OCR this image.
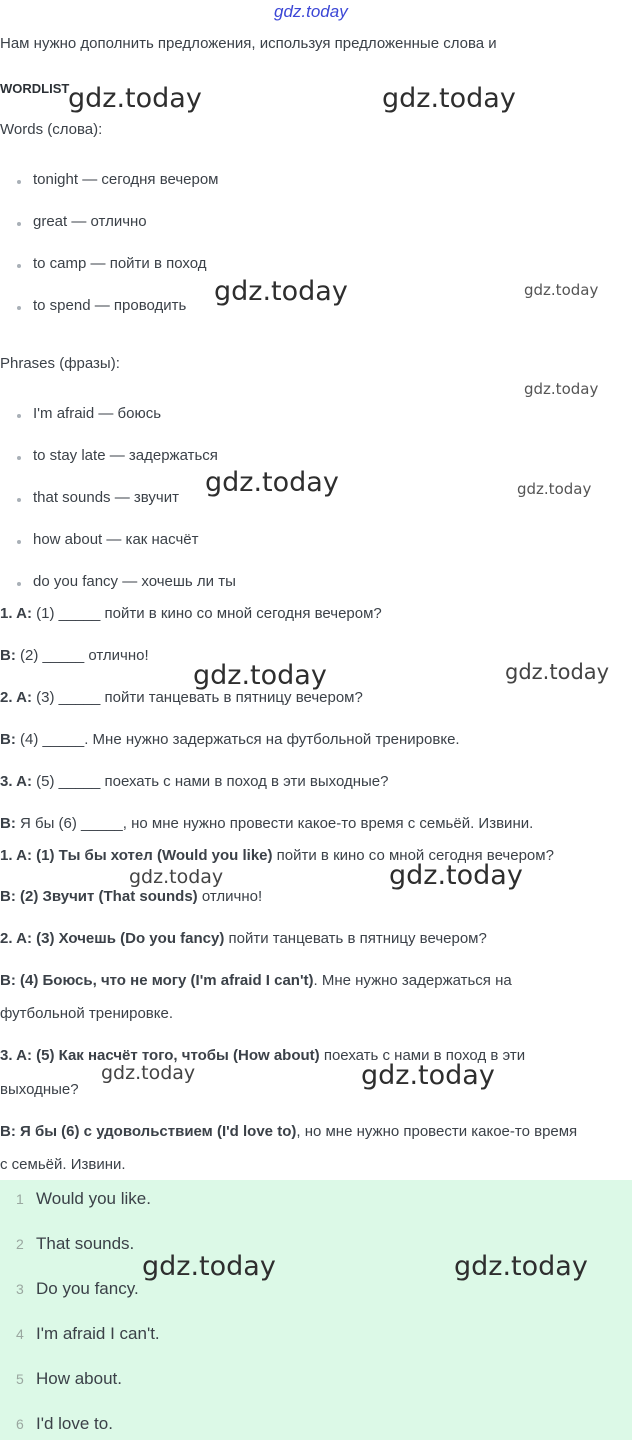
gdz.today
Нам нужно дополнить предложения, используя предложенные слова и
WORDLIST
Words (слова):
tonight — сегодня вечером
great — отлично
to camp — пойти в поход
to spend — проводить
Phrases (фразы):
I'm afraid — боюсь
to stay late — задержаться
that sounds — звучит
how about — как насчёт
do you fancy — хочешь ли ты
1. A: (1) _____ пойти в кино со мной сегодня вечером?
B: (2) _____ отлично!
2. A: (3) _____ пойти танцевать в пятницу вечером?
B: (4) _____. Мне нужно задержаться на футбольной тренировке.
3. A: (5) _____ поехать с нами в поход в эти выходные?
B: Я бы (6) _____, но мне нужно провести какое-то время с семьёй. Извини.
1. A: (1) Ты бы хотел (Would you like) пойти в кино со мной сегодня вечером?
B: (2) Звучит (That sounds) отлично!
2. A: (3) Хочешь (Do you fancy) пойти танцевать в пятницу вечером?
B: (4) Боюсь, что не могу (I'm afraid I can't). Мне нужно задержаться на
футбольной тренировке.
3. A: (5) Как насчёт того, чтобы (How about) поехать с нами в поход в эти
выходные?
B: Я бы (6) с удовольствием (I'd love to), но мне нужно провести какое-то время
с семьёй. Извини.
1 Would you like.
2 That sounds.
3 Do you fancy.
4 I'm afraid I can't.
5 How about.
6 I'd love to.
gdz.today	gdz.today
gdz.today	gdz.today
gdz.today
gdz.today	gdz.today
gdz.today	gdz.today
gdz.today	gdz.today
gdz.today	gdz.today
gdz.today	gdz.today
